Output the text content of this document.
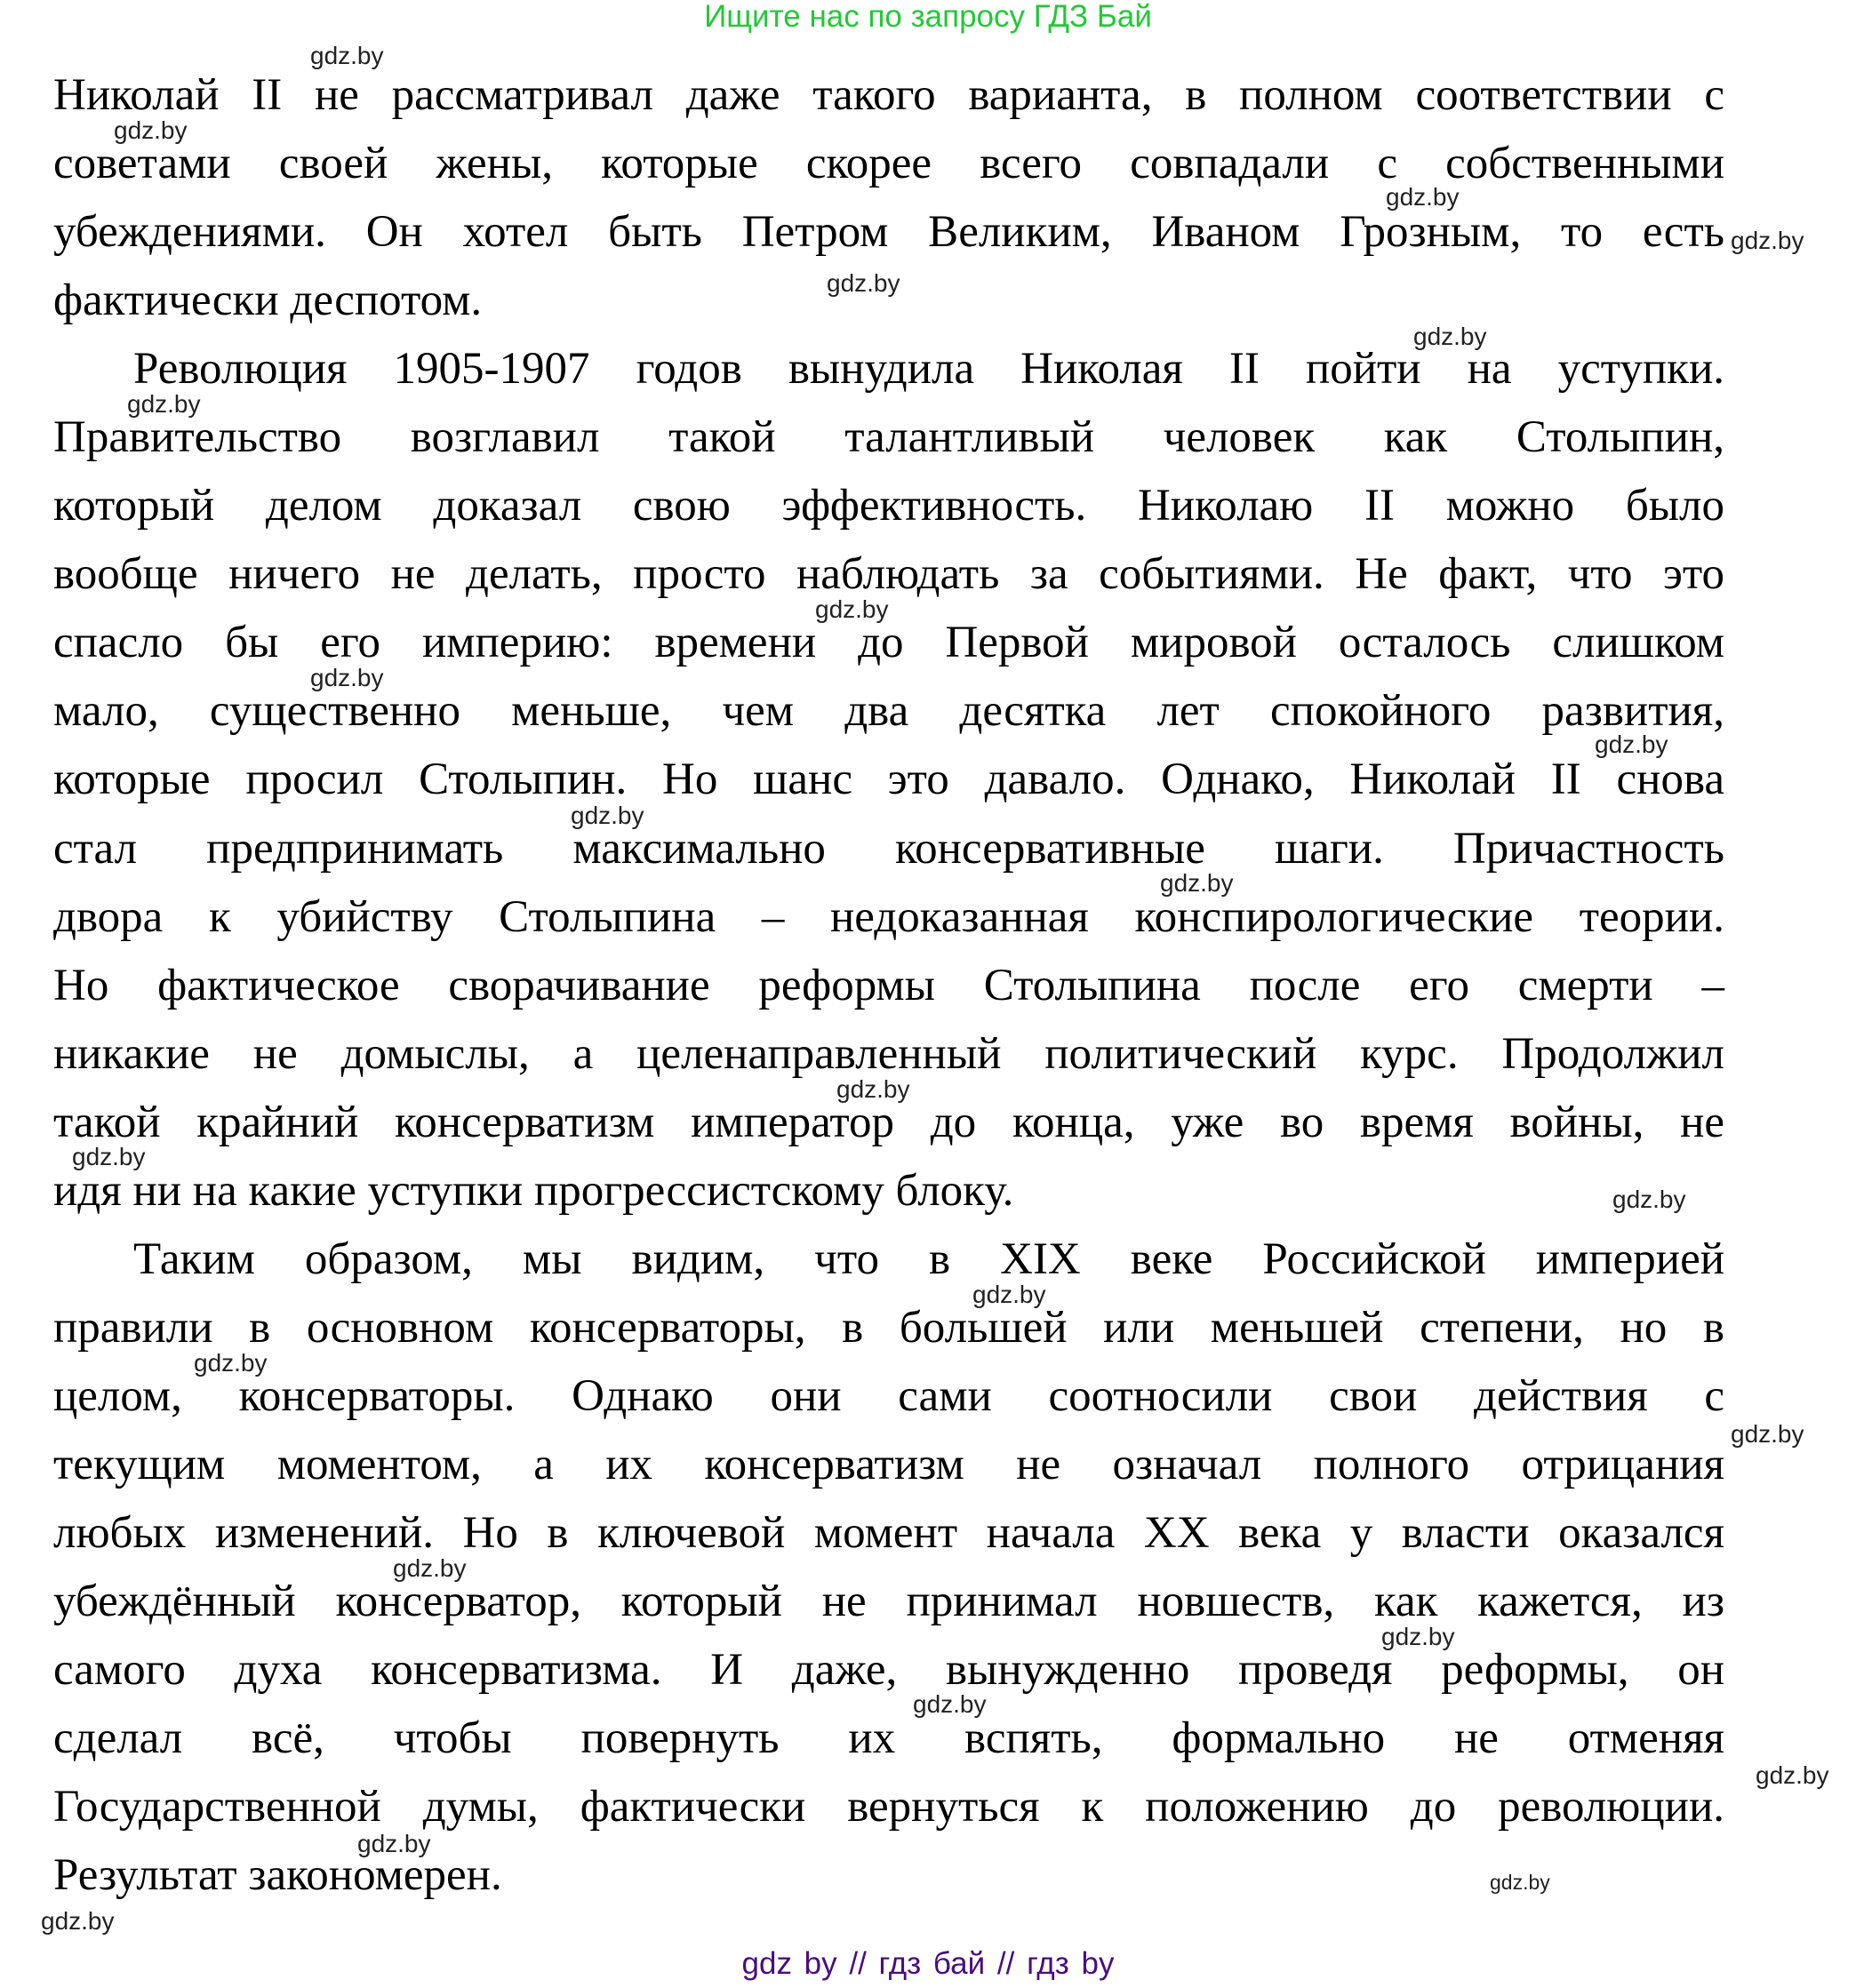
Ищите нас по запросу ГДЗ Бай
Николай II не рассматривал даже такого варианта, в полном соответствии с
советами своей жены, которые скорее всего совпадали с собственными
убеждениями. Он хотел быть Петром Великим, Иваном Грозным, то есть
фактически деспотом.
Революция 1905-1907 годов вынудила Николая II пойти на уступки.
Правительство возглавил такой талантливый человек как Столыпин,
который делом доказал свою эффективность. Николаю II можно было
вообще ничего не делать, просто наблюдать за событиями. Не факт, что это
спасло бы его империю: времени до Первой мировой осталось слишком
мало, существенно меньше, чем два десятка лет спокойного развития,
которые просил Столыпин. Но шанс это давало. Однако, Николай II снова
стал предпринимать максимально консервативные шаги. Причастность
двора к убийству Столыпина – недоказанная конспирологические теории.
Но фактическое сворачивание реформы Столыпина после его смерти –
никакие не домыслы, а целенаправленный политический курс. Продолжил
такой крайний консерватизм император до конца, уже во время войны, не
идя ни на какие уступки прогрессистскому блоку.
Таким образом, мы видим, что в XIX веке Российской империей
правили в основном консерваторы, в большей или меньшей степени, но в
целом, консерваторы. Однако они сами соотносили свои действия с
текущим моментом, а их консерватизм не означал полного отрицания
любых изменений. Но в ключевой момент начала XX века у власти оказался
убеждённый консерватор, который не принимал новшеств, как кажется, из
самого духа консерватизма. И даже, вынужденно проведя реформы, он
сделал всё, чтобы повернуть их вспять, формально не отменяя
Государственной думы, фактически вернуться к положению до революции.
Результат закономерен.
gdz.by
gdz.by
gdz.by
gdz.by
gdz.by
gdz.by
gdz.by
gdz.by
gdz.by
gdz.by
gdz.by
gdz.by
gdz.by
gdz.by
gdz.by
gdz.by
gdz.by
gdz.by
gdz.by
gdz.by
gdz.by
gdz.by
gdz.by
gdz.by
gdz.by
gdz by // гдз бай // гдз by
